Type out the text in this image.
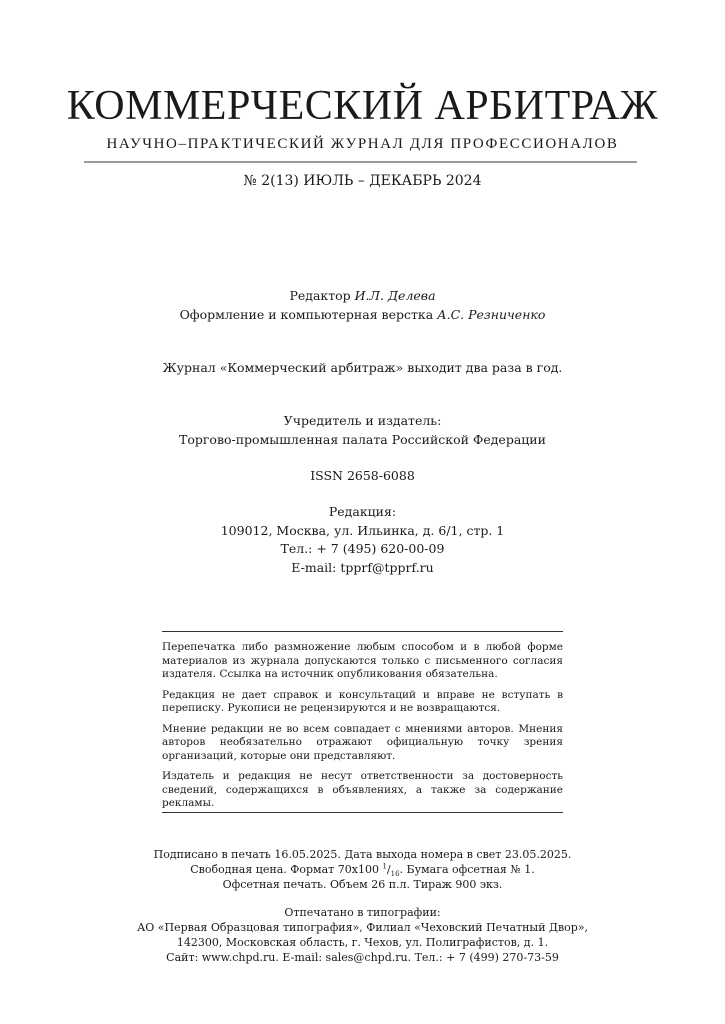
КОММЕРЧЕСКИЙ АРБИТРАЖ
НАУЧНО–ПРАКТИЧЕСКИЙ ЖУРНАЛ ДЛЯ ПРОФЕССИОНАЛОВ
№ 2(13) ИЮЛЬ – ДЕКАБРЬ 2024
Редактор И.Л. Делева
Оформление и компьютерная верстка А.С. Резниченко
Журнал «Коммерческий арбитраж» выходит два раза в год.
Учредитель и издатель:
Торгово-промышленная палата Российской Федерации
ISSN 2658-6088
Редакция:
109012, Москва, ул. Ильинка, д. 6/1, стр. 1
Тел.: + 7 (495) 620-00-09
E-mail: tpprf@tpprf.ru

Перепечатка либо размножение любым способом и в любой форме материалов из журнала допускаются только с письменного согласия издателя. Ссылка на источник опубликования обязательна.

Редакция не дает справок и консультаций и вправе не вступать в переписку. Рукописи не рецензируются и не возвращаются.

Мнение редакции не во всем совпадает с мнениями авторов. Мнения авторов необязательно отражают официальную точку зрения организаций, которые они представляют.

Издатель и редакция не несут ответственности за достоверность сведений, содержащихся в объявлениях, а также за содержание рекламы.

Подписано в печать 16.05.2025. Дата выхода номера в свет 23.05.2025.
Свободная цена. Формат 70х100 $^1/_{16}$. Бумага офсетная № 1.
Офсетная печать. Объем 26 п.л. Тираж 900 экз.
Отпечатано в типографии:
АО «Первая Образцовая типография», Филиал «Чеховский Печатный Двор»,
142300, Московская область, г. Чехов, ул. Полиграфистов, д. 1.
Сайт: www.chpd.ru. E-mail: sales@chpd.ru. Тел.: + 7 (499) 270-73-59
